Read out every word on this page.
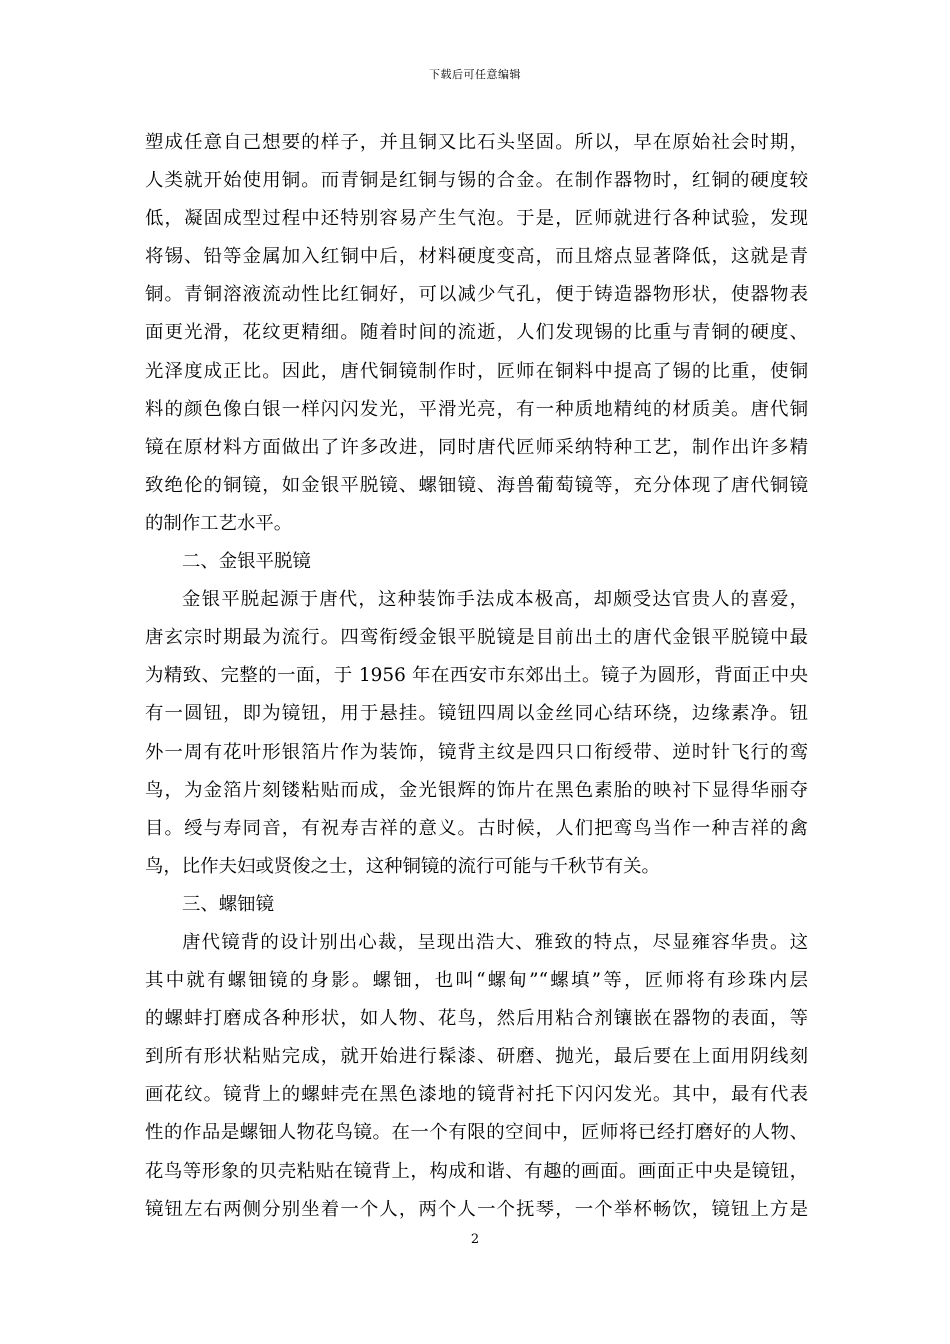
下载后可任意编辑
塑成任意自己想要的样子，并且铜又比石头坚固。所以，早在原始社会时期，
人类就开始使用铜。而青铜是红铜与锡的合金。在制作器物时，红铜的硬度较
低，凝固成型过程中还特别容易产生气泡。于是，匠师就进行各种试验，发现
将锡、铅等金属加入红铜中后，材料硬度变高，而且熔点显著降低，这就是青
铜。青铜溶液流动性比红铜好，可以减少气孔，便于铸造器物形状，使器物表
面更光滑，花纹更精细。随着时间的流逝，人们发现锡的比重与青铜的硬度、
光泽度成正比。因此，唐代铜镜制作时，匠师在铜料中提高了锡的比重，使铜
料的颜色像白银一样闪闪发光，平滑光亮，有一种质地精纯的材质美。唐代铜
镜在原材料方面做出了许多改进，同时唐代匠师采纳特种工艺，制作出许多精
致绝伦的铜镜，如金银平脱镜、螺钿镜、海兽葡萄镜等，充分体现了唐代铜镜
的制作工艺水平。
二、金银平脱镜
金银平脱起源于唐代，这种装饰手法成本极高，却颇受达官贵人的喜爱，
唐玄宗时期最为流行。四鸾衔绶金银平脱镜是目前出土的唐代金银平脱镜中最
为精致、完整的一面，于 1956 年在西安市东郊出土。镜子为圆形，背面正中央
有一圆钮，即为镜钮，用于悬挂。镜钮四周以金丝同心结环绕，边缘素净。钮
外一周有花叶形银箔片作为装饰，镜背主纹是四只口衔绶带、逆时针飞行的鸾
鸟，为金箔片刻镂粘贴而成，金光银辉的饰片在黑色素胎的映衬下显得华丽夺
目。绶与寿同音，有祝寿吉祥的意义。古时候，人们把鸾鸟当作一种吉祥的禽
鸟，比作夫妇或贤俊之士，这种铜镜的流行可能与千秋节有关。
三、螺钿镜
唐代镜背的设计别出心裁，呈现出浩大、雅致的特点，尽显雍容华贵。这
其中就有螺钿镜的身影。螺钿，也叫“螺甸”“螺填”等，匠师将有珍珠内层
的螺蚌打磨成各种形状，如人物、花鸟，然后用粘合剂镶嵌在器物的表面，等
到所有形状粘贴完成，就开始进行髹漆、研磨、抛光，最后要在上面用阴线刻
画花纹。镜背上的螺蚌壳在黑色漆地的镜背衬托下闪闪发光。其中，最有代表
性的作品是螺钿人物花鸟镜。在一个有限的空间中，匠师将已经打磨好的人物、
花鸟等形象的贝壳粘贴在镜背上，构成和谐、有趣的画面。画面正中央是镜钮，
镜钮左右两侧分别坐着一个人，两个人一个抚琴，一个举杯畅饮，镜钮上方是
2
